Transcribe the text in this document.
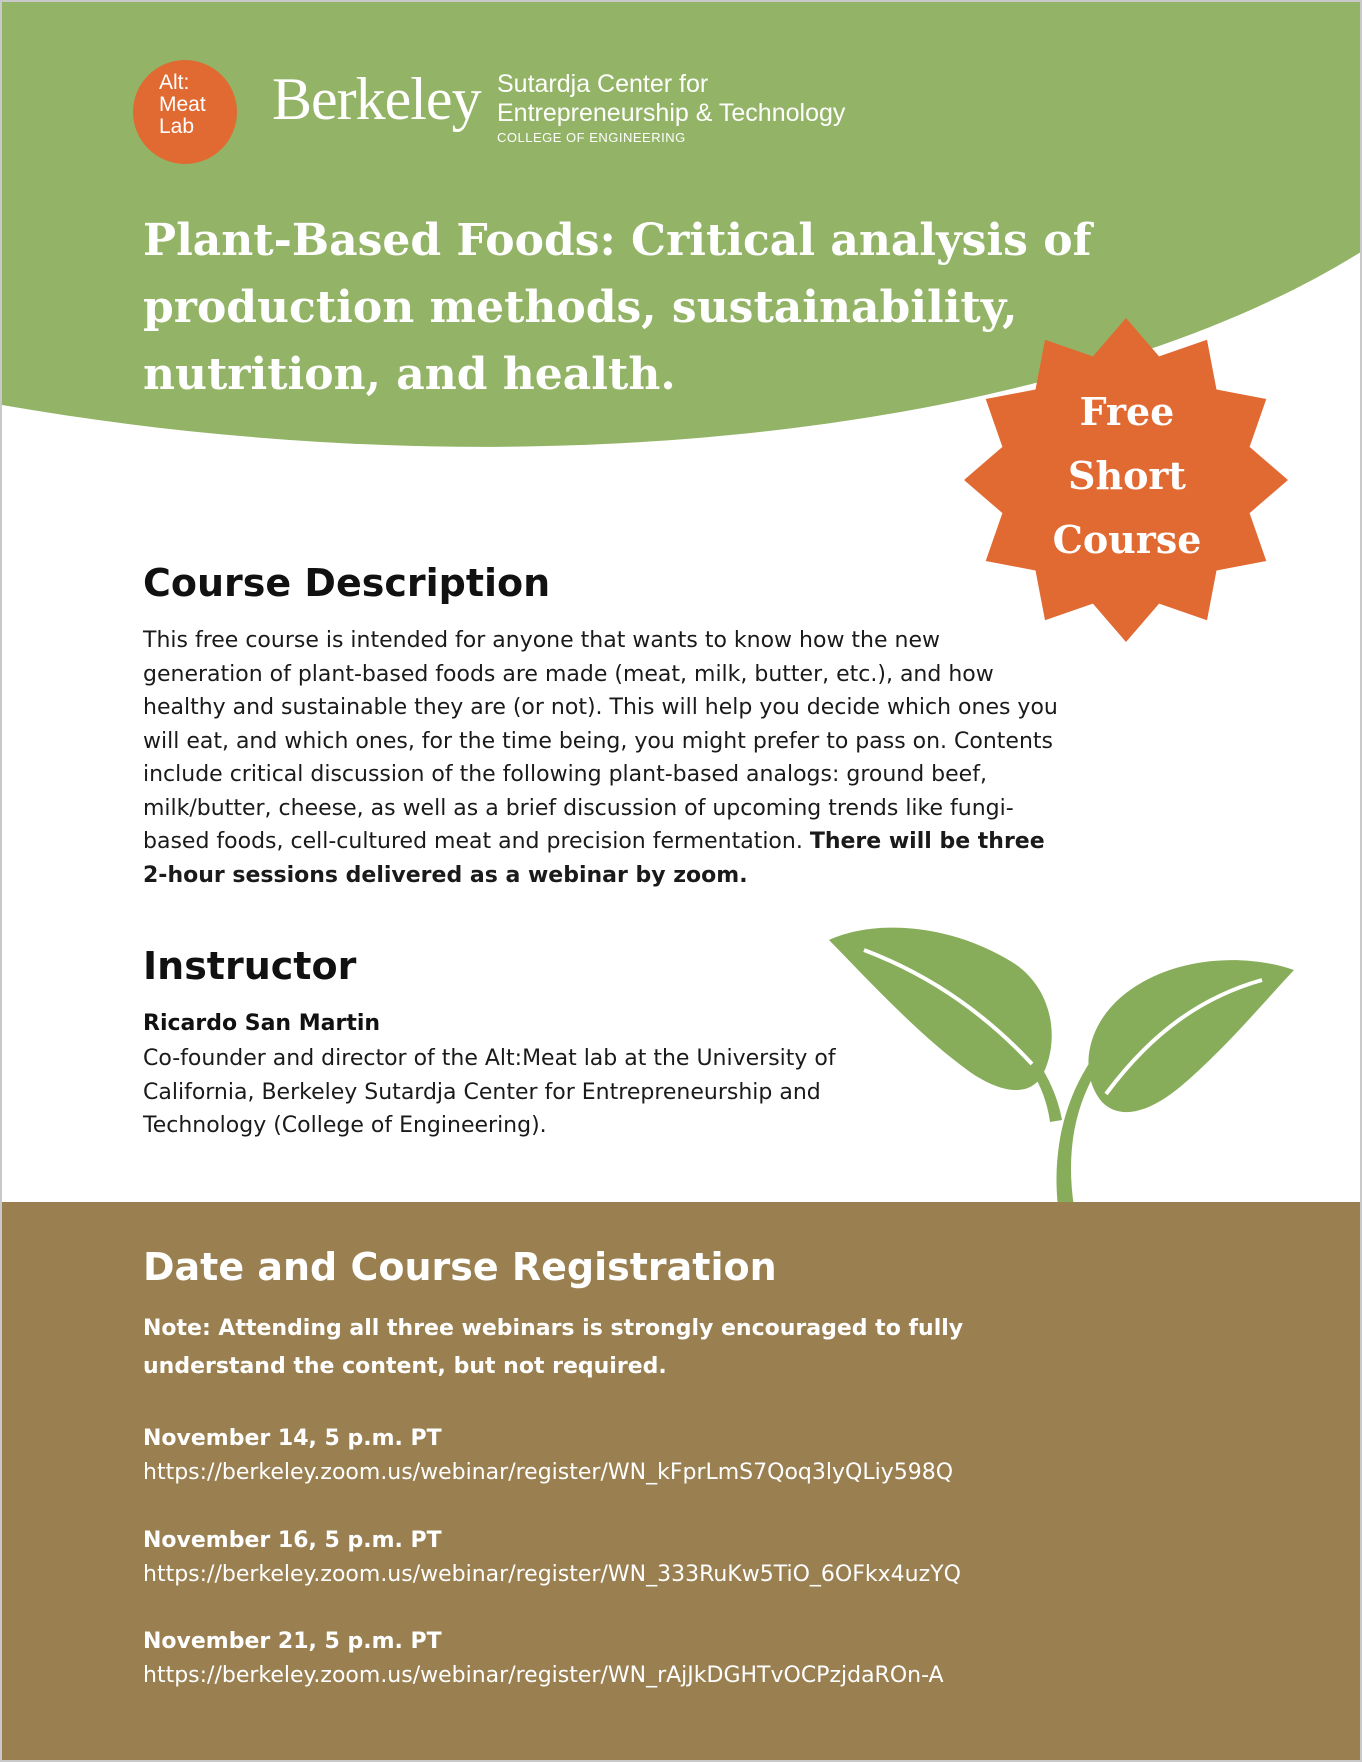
Alt:
Meat
Lab Berkeley Sutardja Center for
Entrepreneurship & Technology
COLLEGE OF ENGINEERING
Plant-Based Foods: Critical analysis of production methods, sustainability, nutrition, and health.
Free
Short
Course
Course Description
This free course is intended for anyone that wants to know how the new generation of plant-based foods are made (meat, milk, butter, etc.), and how healthy and sustainable they are (or not). This will help you decide which ones you will eat, and which ones, for the time being, you might prefer to pass on. Contents include critical discussion of the following plant-based analogs: ground beef, milk/butter, cheese, as well as a brief discussion of upcoming trends like fungi-based foods, cell-cultured meat and precision fermentation. There will be three 2-hour sessions delivered as a webinar by zoom.
Instructor
Ricardo San Martin
Co-founder and director of the Alt:Meat lab at the University of California, Berkeley Sutardja Center for Entrepreneurship and Technology (College of Engineering).
Date and Course Registration
Note: Attending all three webinars is strongly encouraged to fully understand the content, but not required.
November 14, 5 p.m. PT
https://berkeley.zoom.us/webinar/register/WN_kFprLmS7Qoq3lyQLiy598Q
November 16, 5 p.m. PT
https://berkeley.zoom.us/webinar/register/WN_333RuKw5TiO_6OFkx4uzYQ
November 21, 5 p.m. PT
https://berkeley.zoom.us/webinar/register/WN_rAjJkDGHTvOCPzjdaROn-A
